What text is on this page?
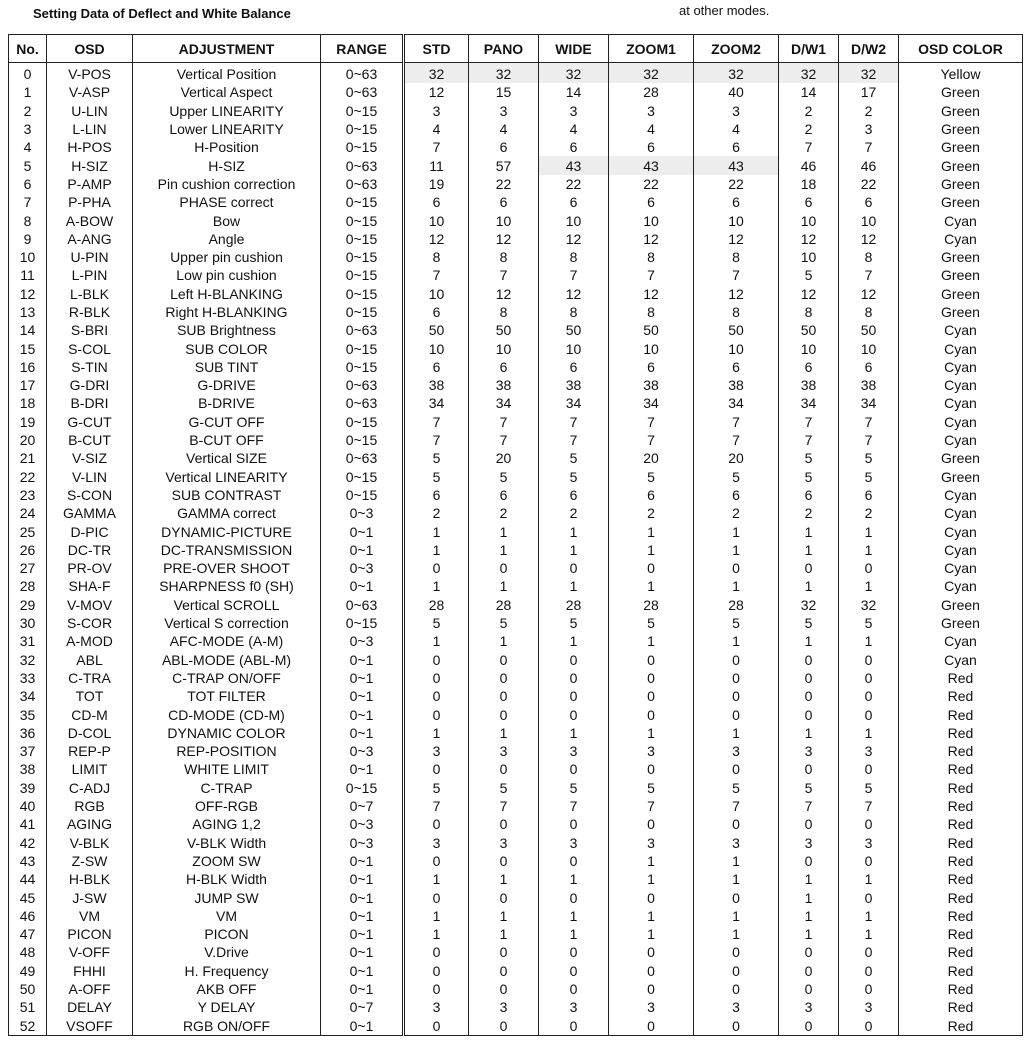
Setting Data of Deflect and White Balance	at other modes.
No.	OSD	ADJUSTMENT	RANGE	STD	PANO	WIDE	ZOOM1	ZOOM2	D/W1	D/W2	OSD COLOR
0	V-POS	Vertical Position	0~63	32	32	32	32	32	32	32	Yellow
1	V-ASP	Vertical Aspect	0~63	12	15	14	28	40	14	17	Green
2	U-LIN	Upper LINEARITY	0~15	3	3	3	3	3	2	2	Green
3	L-LIN	Lower LINEARITY	0~15	4	4	4	4	4	2	3	Green
4	H-POS	H-Position	0~15	7	6	6	6	6	7	7	Green
5	H-SIZ	H-SIZ	0~63	11	57	43	43	43	46	46	Green
6	P-AMP	Pin cushion correction	0~63	19	22	22	22	22	18	22	Green
7	P-PHA	PHASE correct	0~15	6	6	6	6	6	6	6	Green
8	A-BOW	Bow	0~15	10	10	10	10	10	10	10	Cyan
9	A-ANG	Angle	0~15	12	12	12	12	12	12	12	Cyan
10	U-PIN	Upper pin cushion	0~15	8	8	8	8	8	10	8	Green
11	L-PIN	Low pin cushion	0~15	7	7	7	7	7	5	7	Green
12	L-BLK	Left H-BLANKING	0~15	10	12	12	12	12	12	12	Green
13	R-BLK	Right H-BLANKING	0~15	6	8	8	8	8	8	8	Green
14	S-BRI	SUB Brightness	0~63	50	50	50	50	50	50	50	Cyan
15	S-COL	SUB COLOR	0~15	10	10	10	10	10	10	10	Cyan
16	S-TIN	SUB TINT	0~15	6	6	6	6	6	6	6	Cyan
17	G-DRI	G-DRIVE	0~63	38	38	38	38	38	38	38	Cyan
18	B-DRI	B-DRIVE	0~63	34	34	34	34	34	34	34	Cyan
19	G-CUT	G-CUT OFF	0~15	7	7	7	7	7	7	7	Cyan
20	B-CUT	B-CUT OFF	0~15	7	7	7	7	7	7	7	Cyan
21	V-SIZ	Vertical SIZE	0~63	5	20	5	20	20	5	5	Green
22	V-LIN	Vertical LINEARITY	0~15	5	5	5	5	5	5	5	Green
23	S-CON	SUB CONTRAST	0~15	6	6	6	6	6	6	6	Cyan
24	GAMMA	GAMMA correct	0~3	2	2	2	2	2	2	2	Cyan
25	D-PIC	DYNAMIC-PICTURE	0~1	1	1	1	1	1	1	1	Cyan
26	DC-TR	DC-TRANSMISSION	0~1	1	1	1	1	1	1	1	Cyan
27	PR-OV	PRE-OVER SHOOT	0~3	0	0	0	0	0	0	0	Cyan
28	SHA-F	SHARPNESS f0 (SH)	0~1	1	1	1	1	1	1	1	Cyan
29	V-MOV	Vertical SCROLL	0~63	28	28	28	28	28	32	32	Green
30	S-COR	Vertical S correction	0~15	5	5	5	5	5	5	5	Green
31	A-MOD	AFC-MODE (A-M)	0~3	1	1	1	1	1	1	1	Cyan
32	ABL	ABL-MODE (ABL-M)	0~1	0	0	0	0	0	0	0	Cyan
33	C-TRA	C-TRAP ON/OFF	0~1	0	0	0	0	0	0	0	Red
34	TOT	TOT FILTER	0~1	0	0	0	0	0	0	0	Red
35	CD-M	CD-MODE (CD-M)	0~1	0	0	0	0	0	0	0	Red
36	D-COL	DYNAMIC COLOR	0~1	1	1	1	1	1	1	1	Red
37	REP-P	REP-POSITION	0~3	3	3	3	3	3	3	3	Red
38	LIMIT	WHITE LIMIT	0~1	0	0	0	0	0	0	0	Red
39	C-ADJ	C-TRAP	0~15	5	5	5	5	5	5	5	Red
40	RGB	OFF-RGB	0~7	7	7	7	7	7	7	7	Red
41	AGING	AGING 1,2	0~3	0	0	0	0	0	0	0	Red
42	V-BLK	V-BLK Width	0~3	3	3	3	3	3	3	3	Red
43	Z-SW	ZOOM SW	0~1	0	0	0	1	1	0	0	Red
44	H-BLK	H-BLK Width	0~1	1	1	1	1	1	1	1	Red
45	J-SW	JUMP SW	0~1	0	0	0	0	0	1	0	Red
46	VM	VM	0~1	1	1	1	1	1	1	1	Red
47	PICON	PICON	0~1	1	1	1	1	1	1	1	Red
48	V-OFF	V.Drive	0~1	0	0	0	0	0	0	0	Red
49	FHHI	H. Frequency	0~1	0	0	0	0	0	0	0	Red
50	A-OFF	AKB OFF	0~1	0	0	0	0	0	0	0	Red
51	DELAY	Y DELAY	0~7	3	3	3	3	3	3	3	Red
52	VSOFF	RGB ON/OFF	0~1	0	0	0	0	0	0	0	Red
